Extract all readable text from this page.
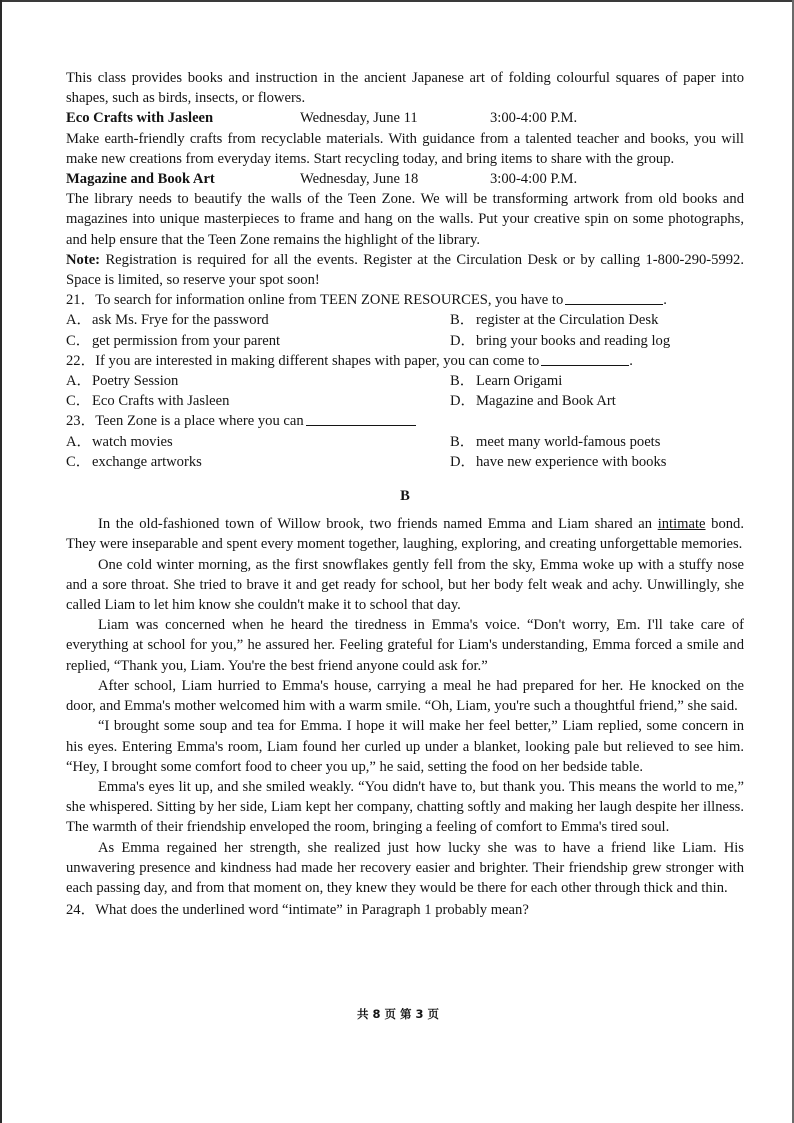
This class provides books and instruction in the ancient Japanese art of folding colourful squares of paper into shapes, such as birds, insects, or flowers.

Eco Crafts with Jasleen	Wednesday, June 11	3:00-4:00 P.M.

Make earth-friendly crafts from recyclable materials. With guidance from a talented teacher and books, you will make new creations from everyday items. Start recycling today, and bring items to share with the group.

Magazine and Book Art	Wednesday, June 18	3:00-4:00 P.M.

The library needs to beautify the walls of the Teen Zone. We will be transforming artwork from old books and magazines into unique masterpieces to frame and hang on the walls. Put your creative spin on some photographs, and help ensure that the Teen Zone remains the highlight of the library.

Note: Registration is required for all the events. Register at the Circulation Desk or by calling 1-800-290-5992. Space is limited, so reserve your spot soon!

21．To search for information online from TEEN ZONE RESOURCES, you have to	.
A．ask Ms. Frye for the password	B． register at the Circulation Desk
C． get permission from your parent	D．bring your books and reading log
22．If you are interested in making different shapes with paper, you can come to	.
A．Poetry Session	B． Learn Origami
C． Eco Crafts with Jasleen	D．Magazine and Book Art
23．Teen Zone is a place where you can
A．watch movies	B． meet many world-famous poets
C． exchange artworks	D．have new experience with books

B

In the old-fashioned town of Willow brook, two friends named Emma and Liam shared an intimate bond. They were inseparable and spent every moment together, laughing, exploring, and creating unforgettable memories.

One cold winter morning, as the first snowflakes gently fell from the sky, Emma woke up with a stuffy nose and a sore throat. She tried to brave it and get ready for school, but her body felt weak and achy. Unwillingly, she called Liam to let him know she couldn't make it to school that day.

Liam was concerned when he heard the tiredness in Emma's voice. “Don't worry, Em. I'll take care of everything at school for you,” he assured her. Feeling grateful for Liam's understanding, Emma forced a smile and replied, “Thank you, Liam. You're the best friend anyone could ask for.”

After school, Liam hurried to Emma's house, carrying a meal he had prepared for her. He knocked on the door, and Emma's mother welcomed him with a warm smile. “Oh, Liam, you're such a thoughtful friend,” she said.

“I brought some soup and tea for Emma. I hope it will make her feel better,” Liam replied, some concern in his eyes. Entering Emma's room, Liam found her curled up under a blanket, looking pale but relieved to see him. “Hey, I brought some comfort food to cheer you up,” he said, setting the food on her bedside table.

Emma's eyes lit up, and she smiled weakly. “You didn't have to, but thank you. This means the world to me,” she whispered. Sitting by her side, Liam kept her company, chatting softly and making her laugh despite her illness. The warmth of their friendship enveloped the room, bringing a feeling of comfort to Emma's tired soul.

As Emma regained her strength, she realized just how lucky she was to have a friend like Liam. His unwavering presence and kindness had made her recovery easier and brighter. Their friendship grew stronger with each passing day, and from that moment on, they knew they would be there for each other through thick and thin.

24．What does the underlined word “intimate” in Paragraph 1 probably mean?

共 8 页 第 3 页
